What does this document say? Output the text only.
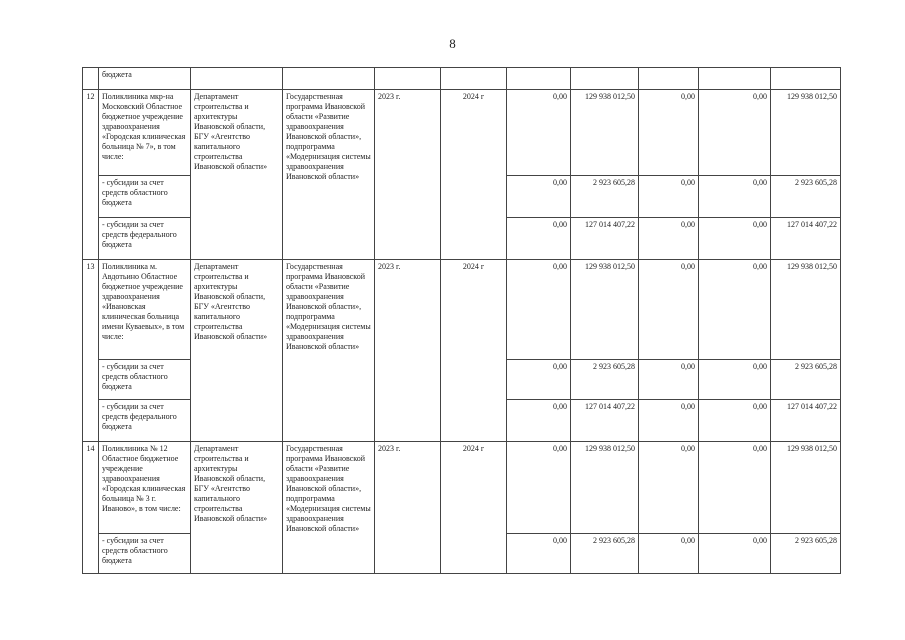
8
	бюджета									
12	Поликлиника мкр-на Московский Областное бюджетное учреждение здравоохранения «Городская клиническая больница № 7», в том числе:	Департамент строительства и архитектуры Ивановской области, БГУ «Агентство капитального строительства Ивановской области»	Государственная программа Ивановской области «Развитие здравоохранения Ивановской области», подпрограмма «Модернизация системы здравоохранения Ивановской области»	2023 г.	2024 г	0,00	129 938 012,50	0,00	0,00	129 938 012,50
	- субсидии за счет средств областного бюджета					0,00	2 923 605,28	0,00	0,00	2 923 605,28
	- субсидии за счет средств федерального бюджета					0,00	127 014 407,22	0,00	0,00	127 014 407,22
13	Поликлиника м. Авдотьино Областное бюджетное учреждение здравоохранения «Ивановская клиническая больница имени Куваевых», в том числе:	Департамент строительства и архитектуры Ивановской области, БГУ «Агентство капитального строительства Ивановской области»	Государственная программа Ивановской области «Развитие здравоохранения Ивановской области», подпрограмма «Модернизация системы здравоохранения Ивановской области»	2023 г.	2024 г	0,00	129 938 012,50	0,00	0,00	129 938 012,50
	- субсидии за счет средств областного бюджета					0,00	2 923 605,28	0,00	0,00	2 923 605,28
	- субсидии за счет средств федерального бюджета					0,00	127 014 407,22	0,00	0,00	127 014 407,22
14	Поликлиника № 12 Областное бюджетное учреждение здравоохранения «Городская клиническая больница № 3 г. Иваново», в том числе:	Департамент строительства и архитектуры Ивановской области, БГУ «Агентство капитального строительства Ивановской области»	Государственная программа Ивановской области «Развитие здравоохранения Ивановской области», подпрограмма «Модернизация системы здравоохранения Ивановской области»	2023 г.	2024 г	0,00	129 938 012,50	0,00	0,00	129 938 012,50
	- субсидии за счет средств областного бюджета					0,00	2 923 605,28	0,00	0,00	2 923 605,28
